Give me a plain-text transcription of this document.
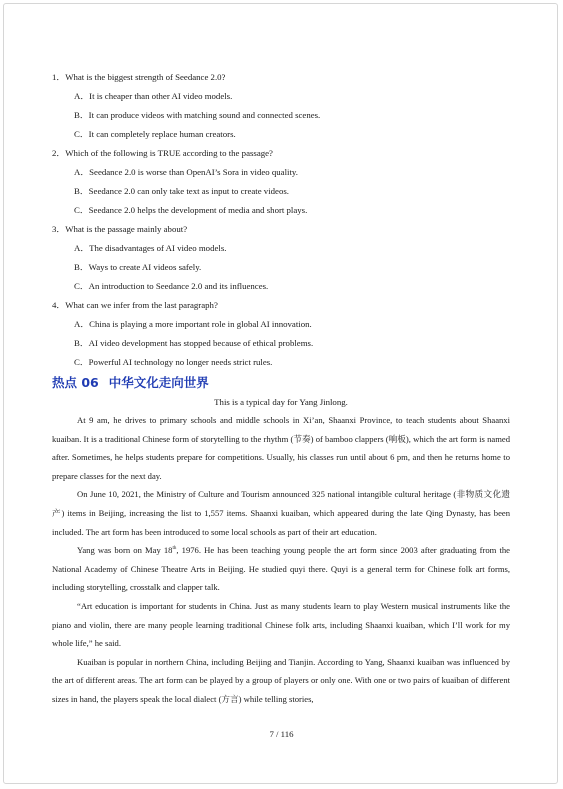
1．What is the biggest strength of Seedance 2.0?

A．It is cheaper than other AI video models.

B．It can produce videos with matching sound and connected scenes.

C．It can completely replace human creators.

2．Which of the following is TRUE according to the passage?

A．Seedance 2.0 is worse than OpenAI’s Sora in video quality.

B．Seedance 2.0 can only take text as input to create videos.

C．Seedance 2.0 helps the development of media and short plays.

3．What is the passage mainly about?

A．The disadvantages of AI video models.

B．Ways to create AI videos safely.

C．An introduction to Seedance 2.0 and its influences.

4．What can we infer from the last paragraph?

A．China is playing a more important role in global AI innovation.

B．AI video development has stopped because of ethical problems.

C．Powerful AI technology no longer needs strict rules.

热点 06 中华文化走向世界

This is a typical day for Yang Jinlong.

At 9 am, he drives to primary schools and middle schools in Xi’an, Shaanxi Province, to teach students about Shaanxi kuaiban. It is a traditional Chinese form of storytelling to the rhythm (节奏) of bamboo clappers (响板), which the art form is named after. Sometimes, he helps students prepare for competitions. Usually, his classes run until about 6 pm, and then he returns home to prepare classes for the next day.

On June 10, 2021, the Ministry of Culture and Tourism announced 325 national intangible cultural heritage (非物质文化遗产) items in Beijing, increasing the list to 1,557 items. Shaanxi kuaiban, which appeared during the late Qing Dynasty, has been included. The art form has been introduced to some local schools as part of their art education.

Yang was born on May 18th, 1976. He has been teaching young people the art form since 2003 after graduating from the National Academy of Chinese Theatre Arts in Beijing. He studied quyi there. Quyi is a general term for Chinese folk art forms, including storytelling, crosstalk and clapper talk.

“Art education is important for students in China. Just as many students learn to play Western musical instruments like the piano and violin, there are many people learning traditional Chinese folk arts, including Shaanxi kuaiban, which I’ll work for my whole life,” he said.

Kuaiban is popular in northern China, including Beijing and Tianjin. According to Yang, Shaanxi kuaiban was influenced by the art of different areas. The art form can be played by a group of players or only one. With one or two pairs of kuaiban of different sizes in hand, the players speak the local dialect (方言) while telling stories,

7 / 116
